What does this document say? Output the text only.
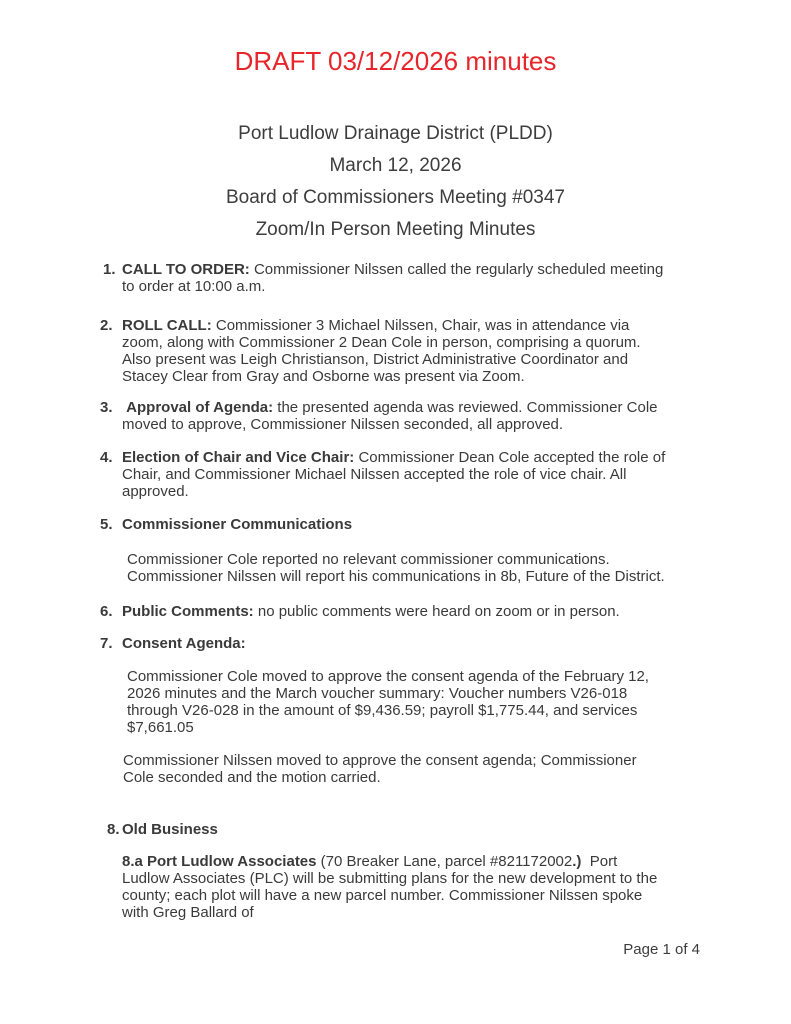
DRAFT 03/12/2026 minutes
Port Ludlow Drainage District (PLDD)
March 12, 2026
Board of Commissioners Meeting #0347
Zoom/In Person Meeting Minutes
1. CALL TO ORDER: Commissioner Nilssen called the regularly scheduled meeting to order at 10:00 a.m.
2. ROLL CALL: Commissioner 3 Michael Nilssen, Chair, was in attendance via zoom, along with Commissioner 2 Dean Cole in person, comprising a quorum. Also present was Leigh Christianson, District Administrative Coordinator and Stacey Clear from Gray and Osborne was present via Zoom.
3. Approval of Agenda: the presented agenda was reviewed. Commissioner Cole moved to approve, Commissioner Nilssen seconded, all approved.
4. Election of Chair and Vice Chair: Commissioner Dean Cole accepted the role of Chair, and Commissioner Michael Nilssen accepted the role of vice chair. All approved.
5. Commissioner Communications
Commissioner Cole reported no relevant commissioner communications. Commissioner Nilssen will report his communications in 8b, Future of the District.
6. Public Comments: no public comments were heard on zoom or in person.
7. Consent Agenda:
Commissioner Cole moved to approve the consent agenda of the February 12, 2026 minutes and the March voucher summary: Voucher numbers V26-018 through V26-028 in the amount of $9,436.59; payroll $1,775.44, and services $7,661.05
Commissioner Nilssen moved to approve the consent agenda; Commissioner Cole seconded and the motion carried.
8. Old Business
8.a Port Ludlow Associates (70 Breaker Lane, parcel #821172002.)  Port Ludlow Associates (PLC) will be submitting plans for the new development to the county; each plot will have a new parcel number. Commissioner Nilssen spoke with Greg Ballard of
Page 1 of 4
